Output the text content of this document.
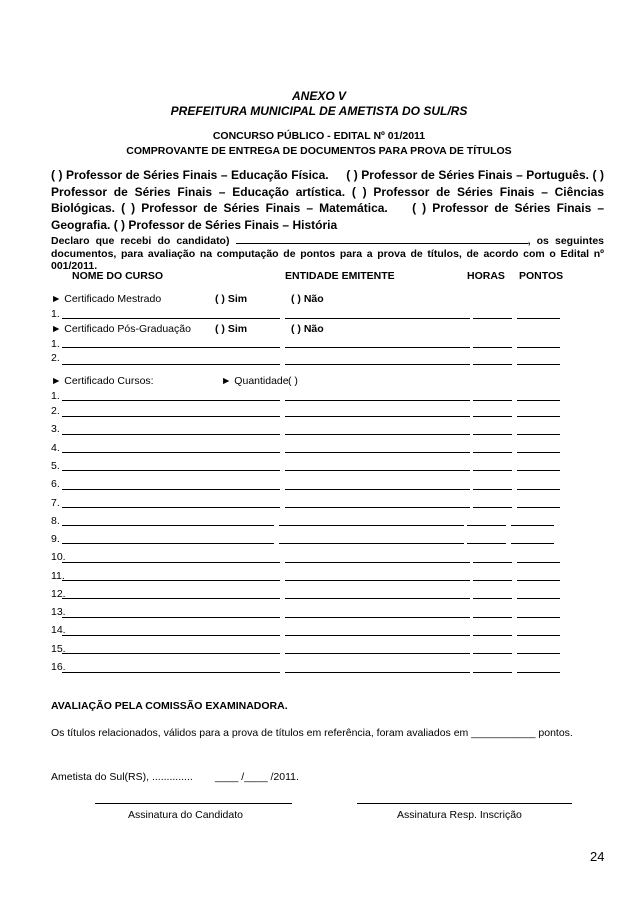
ANEXO V
PREFEITURA MUNICIPAL DE AMETISTA DO SUL/RS
CONCURSO PÚBLICO - EDITAL Nº 01/2011
COMPROVANTE DE ENTREGA DE DOCUMENTOS PARA PROVA DE TÍTULOS
( ) Professor de Séries Finais – Educação Física. ( ) Professor de Séries Finais – Português. ( ) Professor de Séries Finais – Educação artística. ( ) Professor de Séries Finais – Ciências Biológicas. ( ) Professor de Séries Finais – Matemática. ( ) Professor de Séries Finais – Geografia. ( ) Professor de Séries Finais – História
Declaro que recebi do candidato)	, os seguintes documentos, para avaliação na computação de pontos para a prova de títulos, de acordo com o Edital nº 001/2011.
NOME DO CURSO	ENTIDADE EMITENTE	HORAS PONTOS
► Certificado Mestrado	( ) Sim	( ) Não
► Certificado Pós-Graduação ( ) Sim	( ) Não
► Certificado Cursos:	► Quantidade ( )
1.
1.
2.
1.
2.
3.
4.
5.
6.
7.
8.
9.
10.
11.
12.
13.
14.
15.
16.
AVALIAÇÃO PELA COMISSÃO EXAMINADORA.
Os títulos relacionados, válidos para a prova de títulos em referência, foram avaliados em ___________ pontos.
Ametista do Sul(RS), .............. ____ /____ /2011.
Assinatura do Candidato	Assinatura Resp. Inscrição
24
